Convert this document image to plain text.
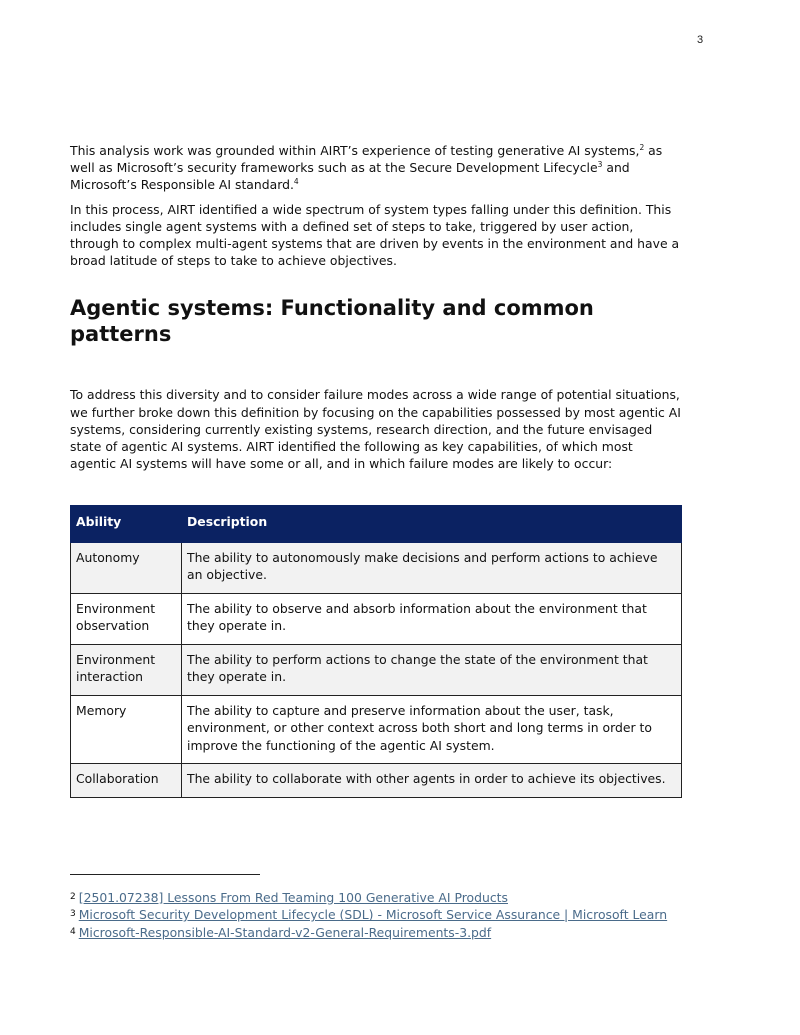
3

This analysis work was grounded within AIRT’s experience of testing generative AI systems,$^2$ as well as Microsoft’s security frameworks such as at the Secure Development Lifecycle$^3$ and Microsoft’s Responsible AI standard.$^4$

In this process, AIRT identified a wide spectrum of system types falling under this definition. This includes single agent systems with a defined set of steps to take, triggered by user action, through to complex multi-agent systems that are driven by events in the environment and have a broad latitude of steps to take to achieve objectives.

Agentic systems: Functionality and common patterns

To address this diversity and to consider failure modes across a wide range of potential situations, we further broke down this definition by focusing on the capabilities possessed by most agentic AI systems, considering currently existing systems, research direction, and the future envisaged state of agentic AI systems. AIRT identified the following as key capabilities, of which most agentic AI systems will have some or all, and in which failure modes are likely to occur:

Ability	Description
Autonomy	The ability to autonomously make decisions and perform actions to achieve an objective.
Environment observation	The ability to observe and absorb information about the environment that they operate in.
Environment interaction	The ability to perform actions to change the state of the environment that they operate in.
Memory	The ability to capture and preserve information about the user, task, environment, or other context across both short and long terms in order to improve the functioning of the agentic AI system.
Collaboration	The ability to collaborate with other agents in order to achieve its objectives.
$^2$ [2501.07238] Lessons From Red Teaming 100 Generative AI Products
$^3$ Microsoft Security Development Lifecycle (SDL) - Microsoft Service Assurance | Microsoft Learn
$^4$ Microsoft-Responsible-AI-Standard-v2-General-Requirements-3.pdf
